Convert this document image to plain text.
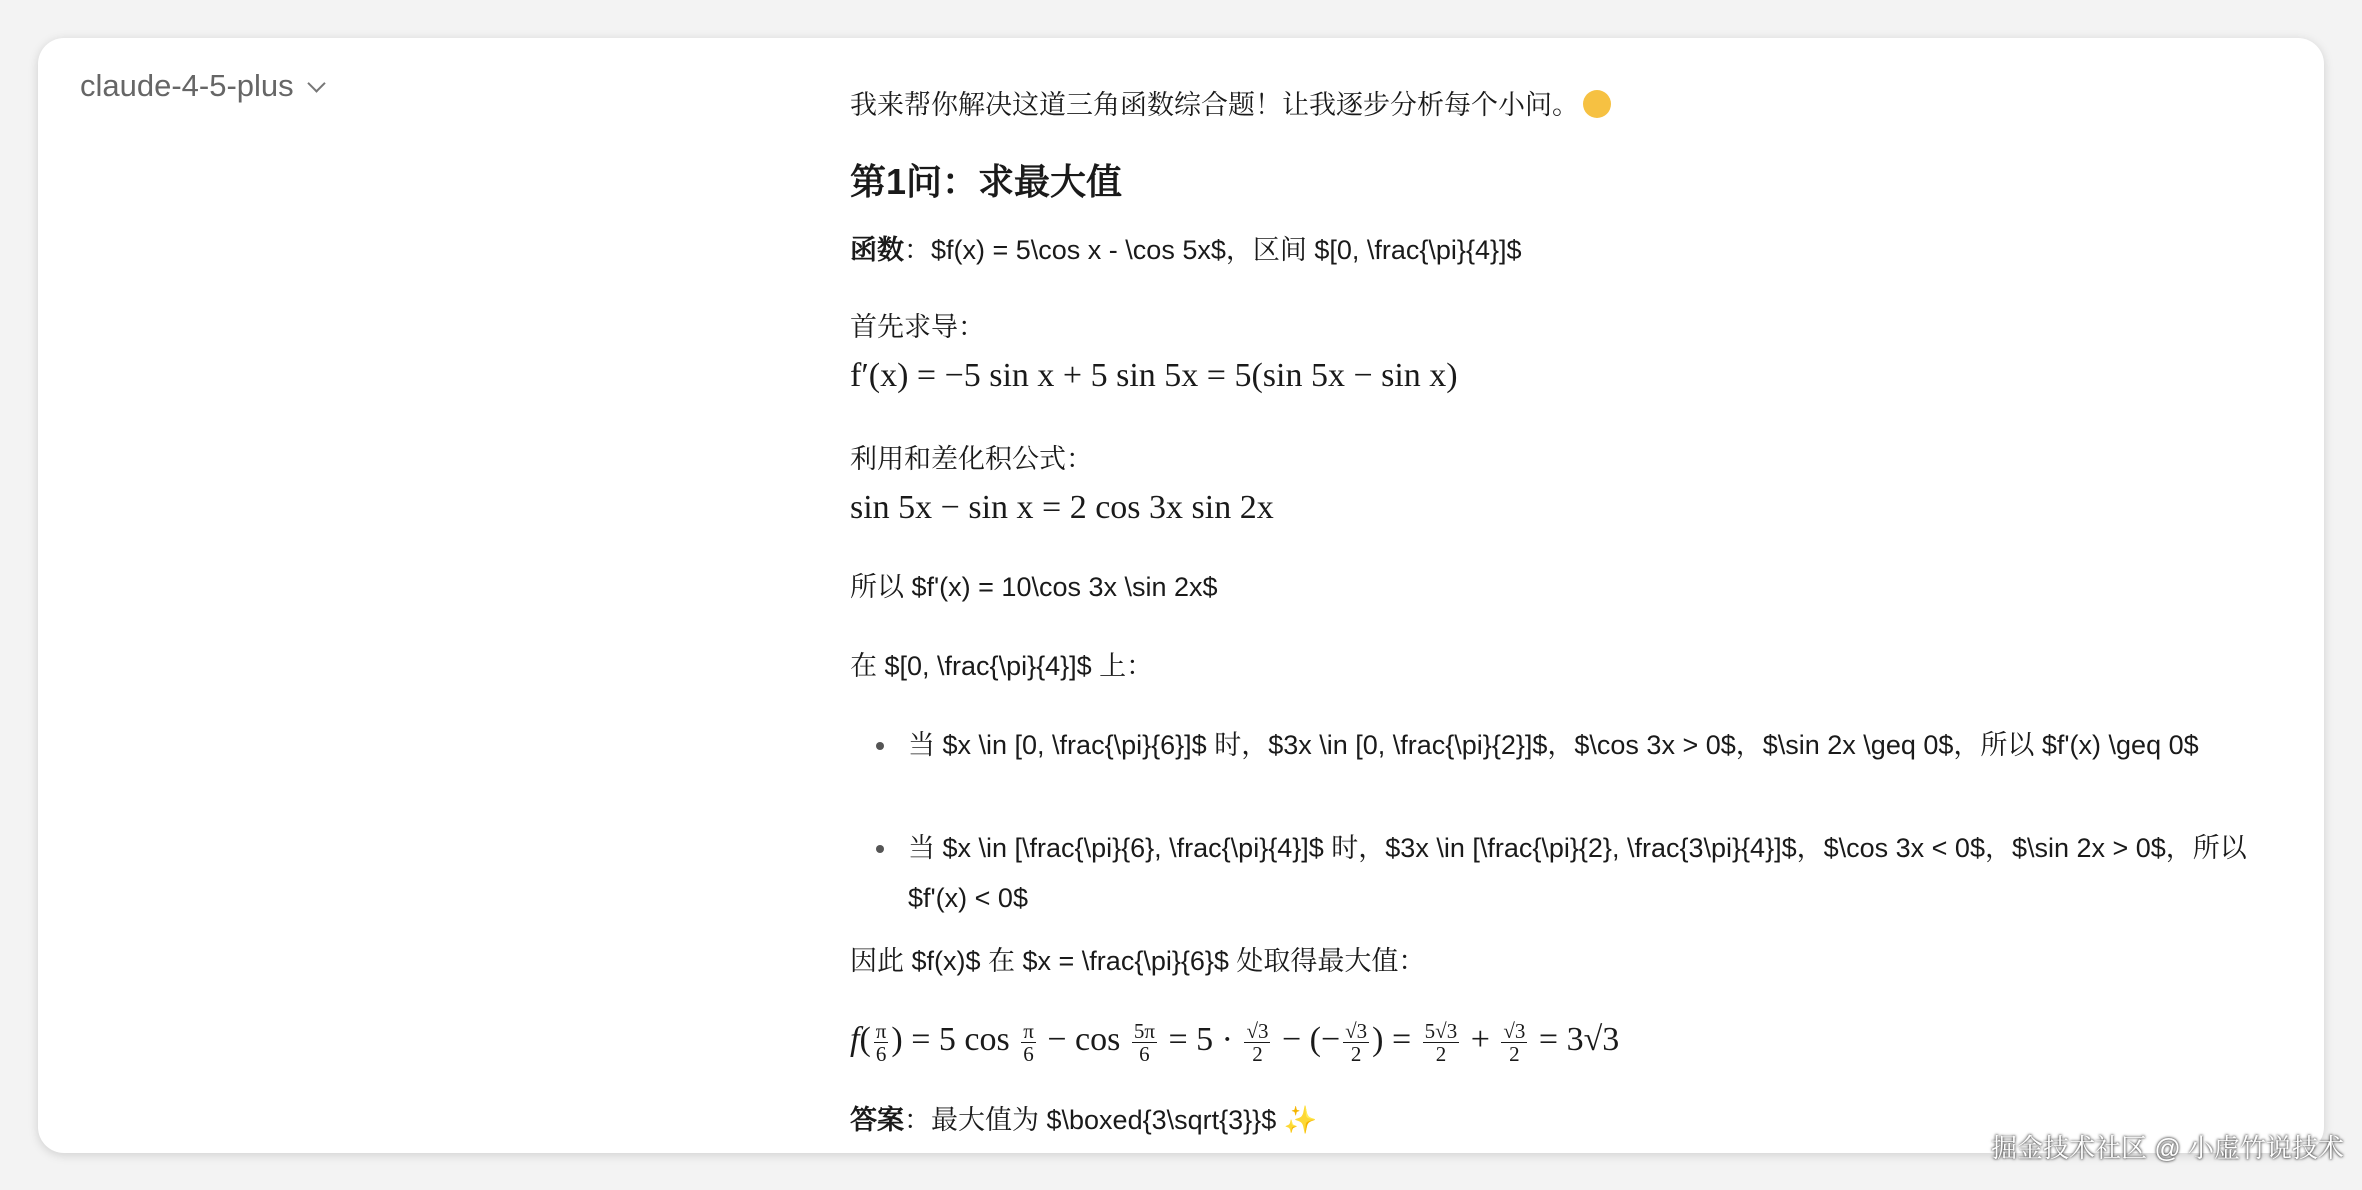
claude-4-5-plus
我来帮你解决这道三角函数综合题！让我逐步分析每个小问。
第1问：求最大值
函数：$f(x) = 5\cos x - \cos 5x$，区间 $[0, \frac{\pi}{4}]$
首先求导：
f′(x) = −5 sin x + 5 sin 5x = 5(sin 5x − sin x)
利用和差化积公式：
sin 5x − sin x = 2 cos 3x sin 2x
所以 $f'(x) = 10\cos 3x \sin 2x$
在 $[0, \frac{\pi}{4}]$ 上：
当 $x \in [0, \frac{\pi}{6}]$ 时，$3x \in [0, \frac{\pi}{2}]$，$\cos 3x > 0$，$\sin 2x \geq 0$，所以 $f'(x) \geq 0$
当 $x \in [\frac{\pi}{6}, \frac{\pi}{4}]$ 时，$3x \in [\frac{\pi}{2}, \frac{3\pi}{4}]$，$\cos 3x < 0$，$\sin 2x > 0$，所以 $f'(x) < 0$
因此 $f(x)$ 在 $x = \frac{\pi}{6}$ 处取得最大值：
$f( \frac{\pi}{6}$ ) = 5 $\cos \frac{\pi}{6} - \cos \frac{5\pi}{6} = 5 \cdot \frac{√3}{2}$ − (− $\frac{√3}{2}$ ) = $\frac{5√3}{2} + \frac{√3}{2} = 3√3$
答案：最大值为 $\boxed{3\sqrt{3}}$ ✨
掘金技术社区 @ 小虚竹说技术
